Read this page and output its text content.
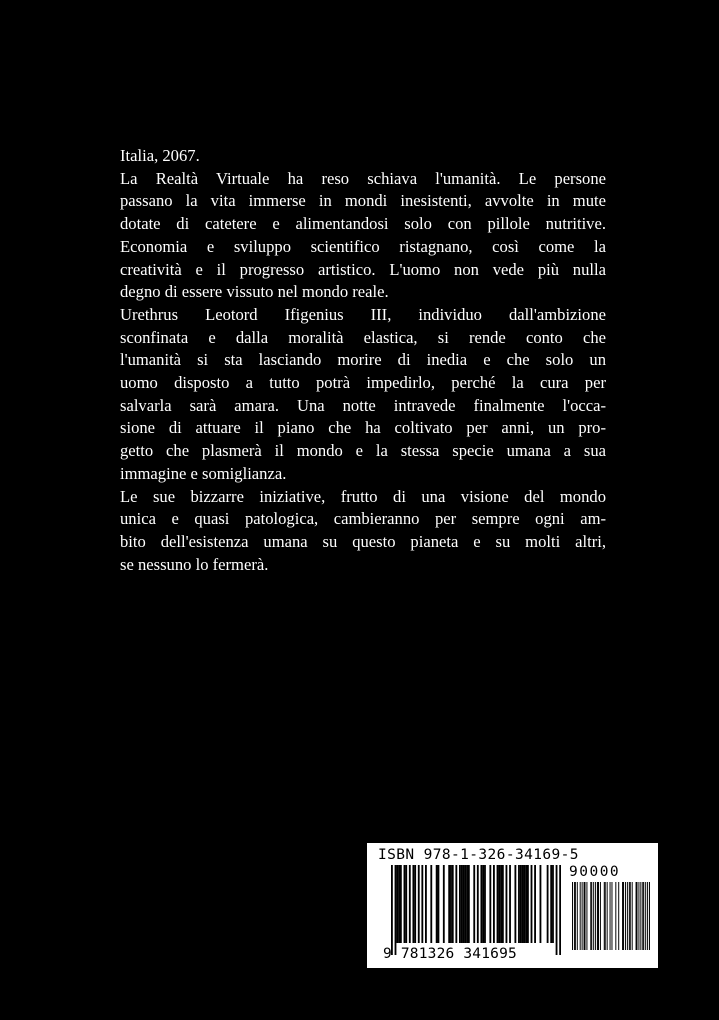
Italia, 2067.
La Realtà Virtuale ha reso schiava l'umanità. Le persone
passano la vita immerse in mondi inesistenti, avvolte in mute
dotate di catetere e alimentandosi solo con pillole nutritive.
Economia e sviluppo scientifico ristagnano, così come la
creatività e il progresso artistico. L'uomo non vede più nulla
degno di essere vissuto nel mondo reale.
Urethrus Leotord Ifigenius III, individuo dall'ambizione
sconfinata e dalla moralità elastica, si rende conto che
l'umanità si sta lasciando morire di inedia e che solo un
uomo disposto a tutto potrà impedirlo, perché la cura per
salvarla sarà amara. Una notte intravede finalmente l'occa-
sione di attuare il piano che ha coltivato per anni, un pro-
getto che plasmerà il mondo e la stessa specie umana a sua
immagine e somiglianza.
Le sue bizzarre iniziative, frutto di una visione del mondo
unica e quasi patologica, cambieranno per sempre ogni am-
bito dell'esistenza umana su questo pianeta e su molti altri,
se nessuno lo fermerà.
ISBN 978-1-326-34169-5
90000
9 781326 341695
